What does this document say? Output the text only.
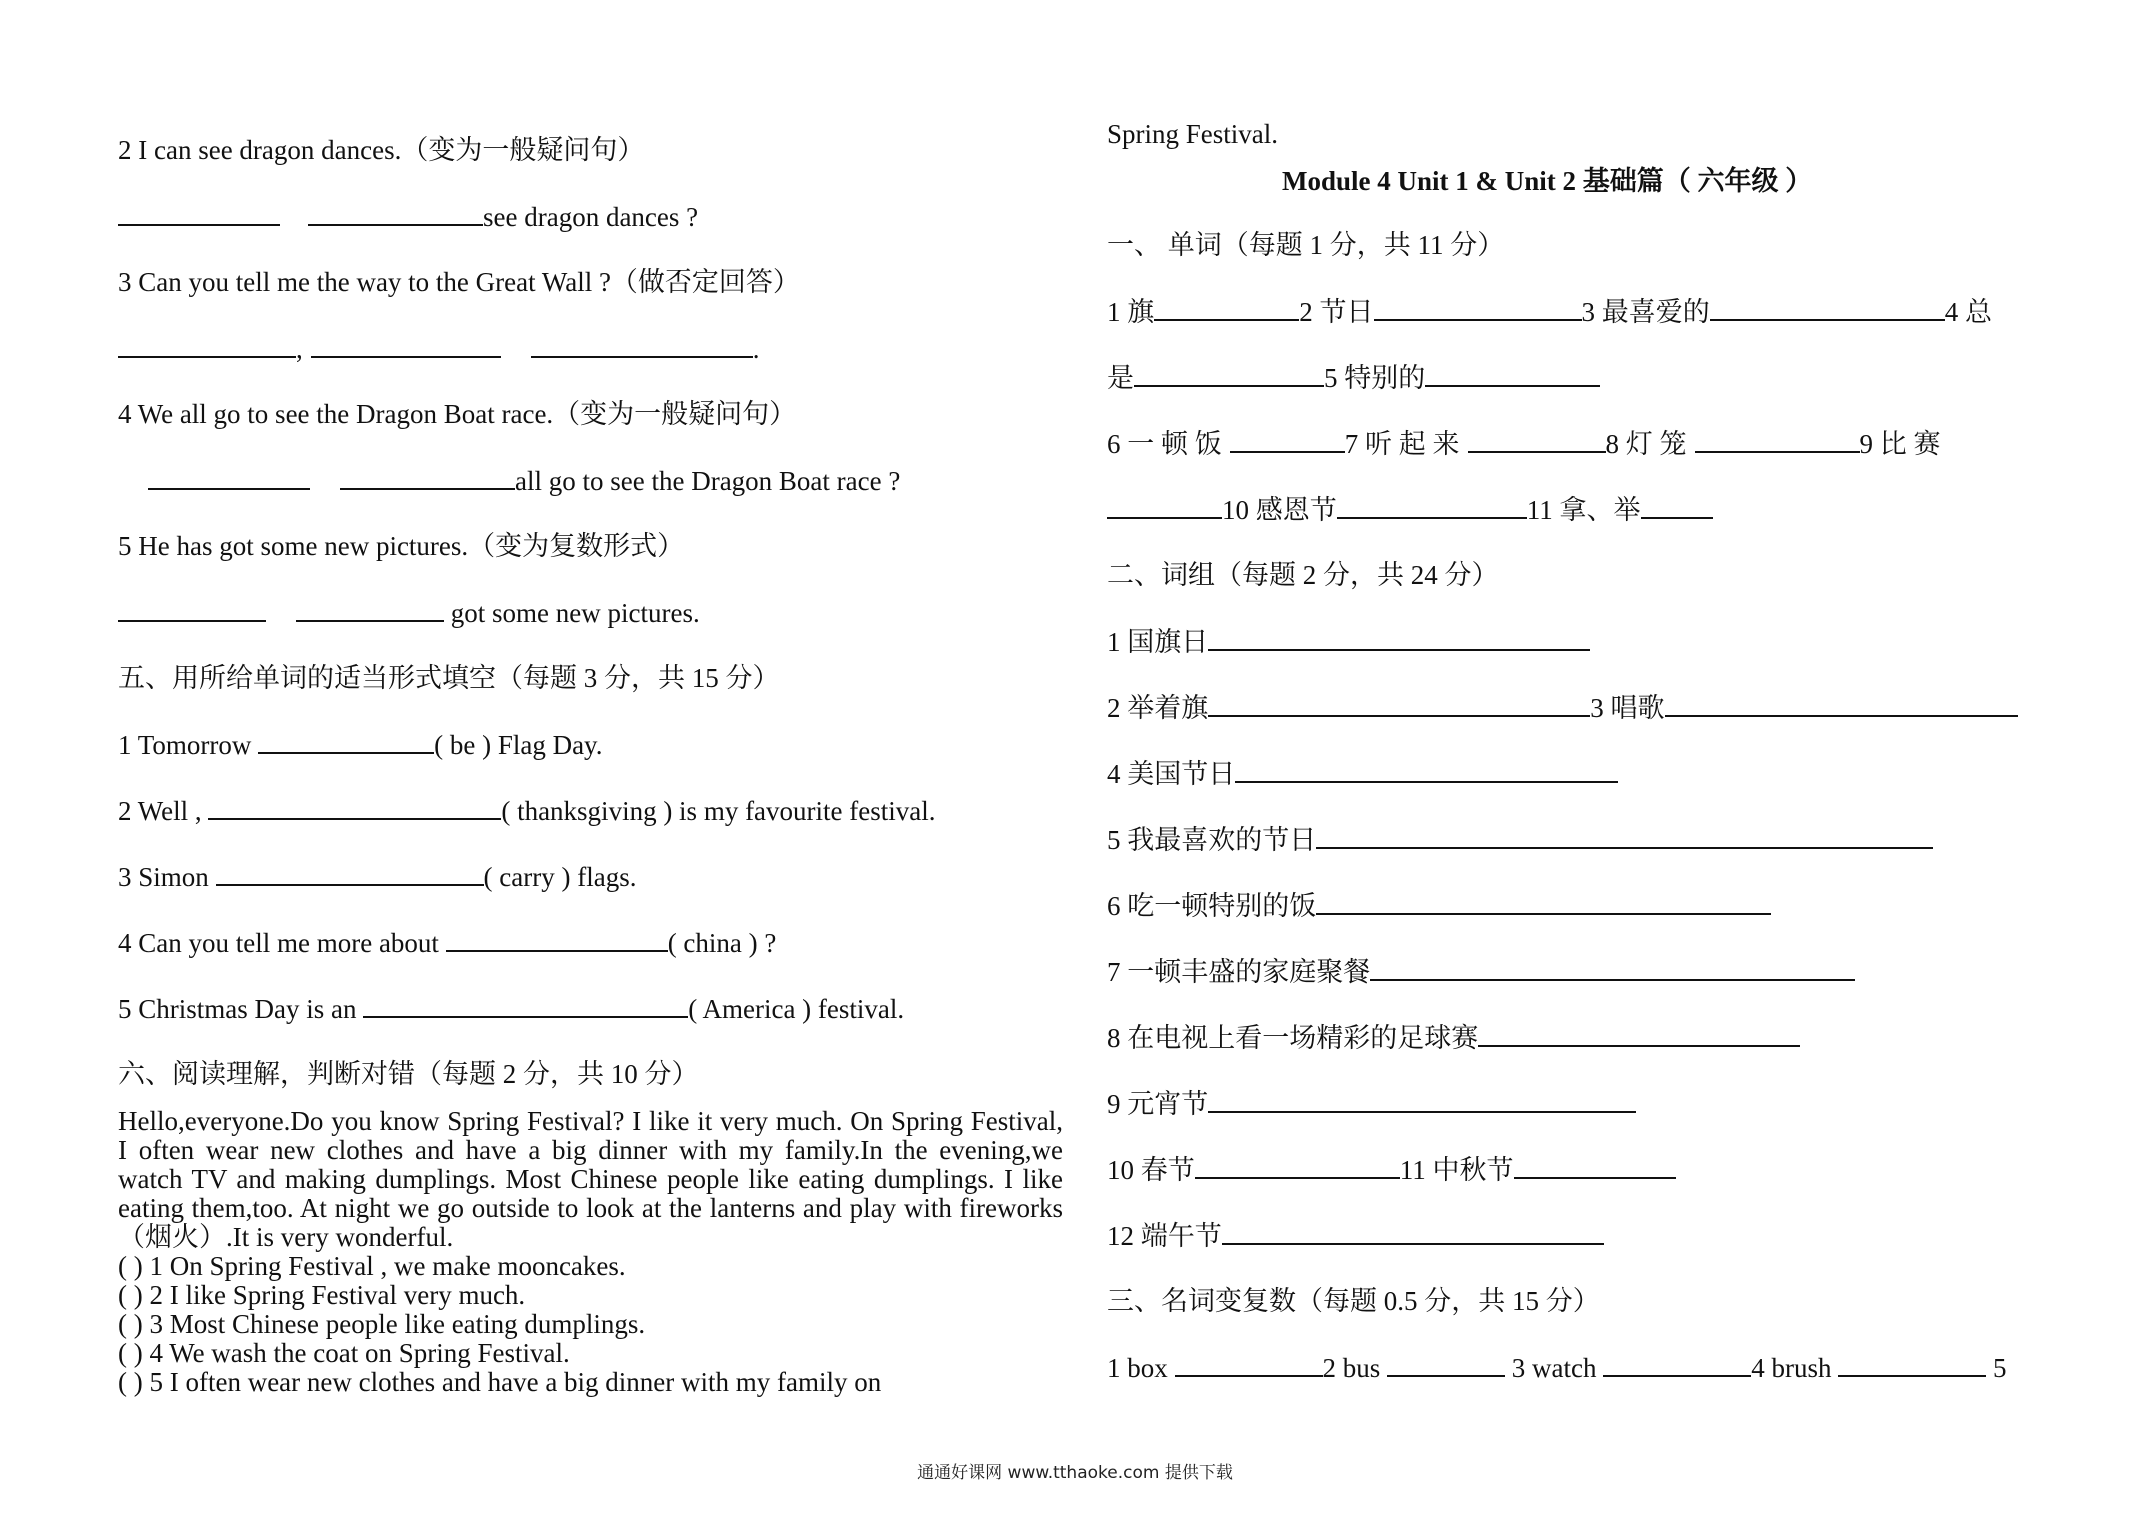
2 I can see dragon dances.（变为一般疑问句）
see dragon dances ?
3 Can you tell me the way to the Great Wall ?（做否定回答）
,	.
4 We all go to see the Dragon Boat race.（变为一般疑问句）
all go to see the Dragon Boat race ?
5 He has got some new pictures.（变为复数形式）
got some new pictures.
五、用所给单词的适当形式填空（每题 3 分，共 15 分）
1 Tomorrow	( be ) Flag Day.
2 Well ,	( thanksgiving ) is my favourite festival.
3 Simon	( carry ) flags.
4 Can you tell me more about	( china ) ?
5 Christmas Day is an	( America ) festival.
六、阅读理解，判断对错（每题 2 分，共 10 分）
Hello,everyone.Do you know Spring Festival? I like it very much. On Spring Festival, I often wear new clothes and have a big dinner with my family.In the evening,we watch TV and making dumplings. Most Chinese people like eating dumplings. I like eating them,too. At night we go outside to look at the lanterns and play with fireworks（烟火）.It is very wonderful.
( ) 1 On Spring Festival , we make mooncakes.
( ) 2 I like Spring Festival very much.
( ) 3 Most Chinese people like eating dumplings.
( ) 4 We wash the coat on Spring Festival.
( ) 5 I often wear new clothes and have a big dinner with my family on
Spring Festival.
Module 4 Unit 1 & Unit 2 基础篇（ 六年级 ）
一、 单词（每题 1 分，共 11 分）
1 旗	2 节日	3 最喜爱的	4 总
是	5 特别的
6 一 顿 饭	7 听 起 来	8 灯 笼	9 比 赛
10 感恩节	11 拿、举
二、词组（每题 2 分，共 24 分）
1 国旗日
2 举着旗	3 唱歌
4 美国节日
5 我最喜欢的节日
6 吃一顿特别的饭
7 一顿丰盛的家庭聚餐
8 在电视上看一场精彩的足球赛
9 元宵节
10 春节	11 中秋节
12 端午节
三、名词变复数（每题 0.5 分，共 15 分）
1 box	2 bus	3 watch	4 brush	5
通通好课网 www.tthaoke.com 提供下载
